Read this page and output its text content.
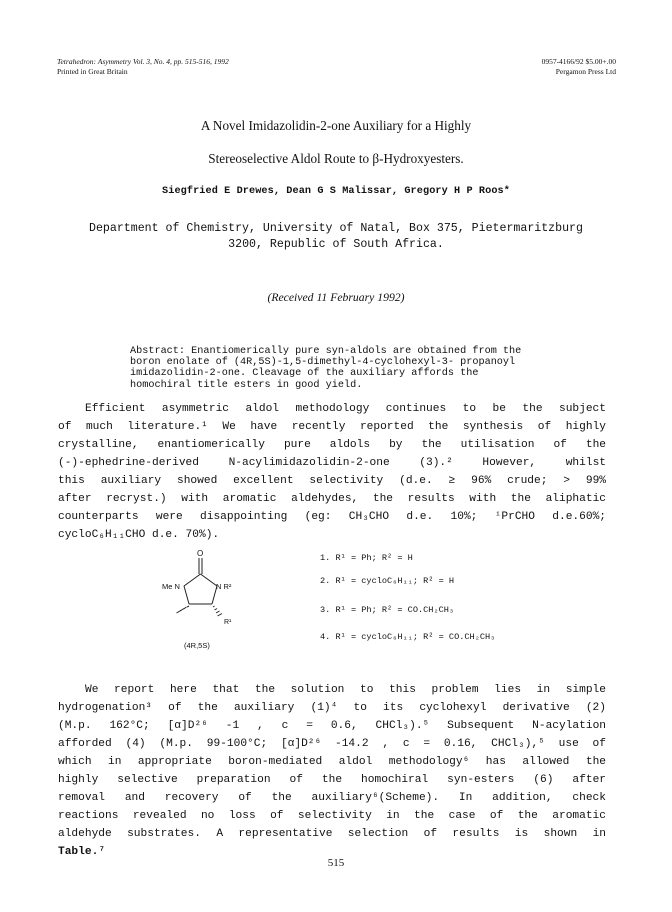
Tetrahedron: Asymmetry Vol. 3, No. 4, pp. 515-516, 1992
Printed in Great Britain
0957-4166/92 $5.00+.00
Pergamon Press Ltd
A Novel Imidazolidin-2-one Auxiliary for a Highly
Stereoselective Aldol Route to β-Hydroxyesters.
Siegfried E Drewes, Dean G S Malissar, Gregory H P Roos*
Department of Chemistry, University of Natal, Box 375, Pietermaritzburg
3200, Republic of South Africa.
(Received 11 February 1992)
Abstract: Enantiomerically pure syn-aldols are obtained from the
boron enolate of (4R,5S)-1,5-dimethyl-4-cyclohexyl-3- propanoyl
imidazolidin-2-one. Cleavage of the auxiliary affords the
homochiral title esters in good yield.
Efficient asymmetric aldol methodology continues to be the subject
of much literature.¹ We have recently reported the synthesis of highly
crystalline, enantiomerically pure aldols by the utilisation of the
(-)-ephedrine-derived N-acylimidazolidin-2-one (3).² However, whilst
this auxiliary showed excellent selectivity (d.e. ≥ 96% crude; > 99%
after recryst.) with aromatic aldehydes, the results with the aliphatic
counterparts were disappointing (eg: CH₃CHO d.e. 10%; ⁱPrCHO d.e.60%;
cycloC₆H₁₁CHO d.e. 70%).
O
Me N	N R²
R¹
(4R,5S)
1. R¹ = Ph; R² = H
2. R¹ = cycloC₆H₁₁; R² = H
3. R¹ = Ph; R² = CO.CH₂CH₃
4. R¹ = cycloC₆H₁₁; R² = CO.CH₂CH₃
We report here that the solution to this problem lies in simple
hydrogenation³ of the auxiliary (1)⁴ to its cyclohexyl derivative (2)
(M.p. 162°C; [α]D²⁶ -1 , c = 0.6, CHCl₃).⁵ Subsequent N-acylation
afforded (4) (M.p. 99-100°C; [α]D²⁶ -14.2 , c = 0.16, CHCl₃),⁵ use of
which in appropriate boron-mediated aldol methodology⁶ has allowed the
highly selective preparation of the homochiral syn-esters (6) after
removal and recovery of the auxiliary⁶(Scheme). In addition, check
reactions revealed no loss of selectivity in the case of the aromatic
aldehyde substrates. A representative selection of results is shown in
Table.⁷
515
